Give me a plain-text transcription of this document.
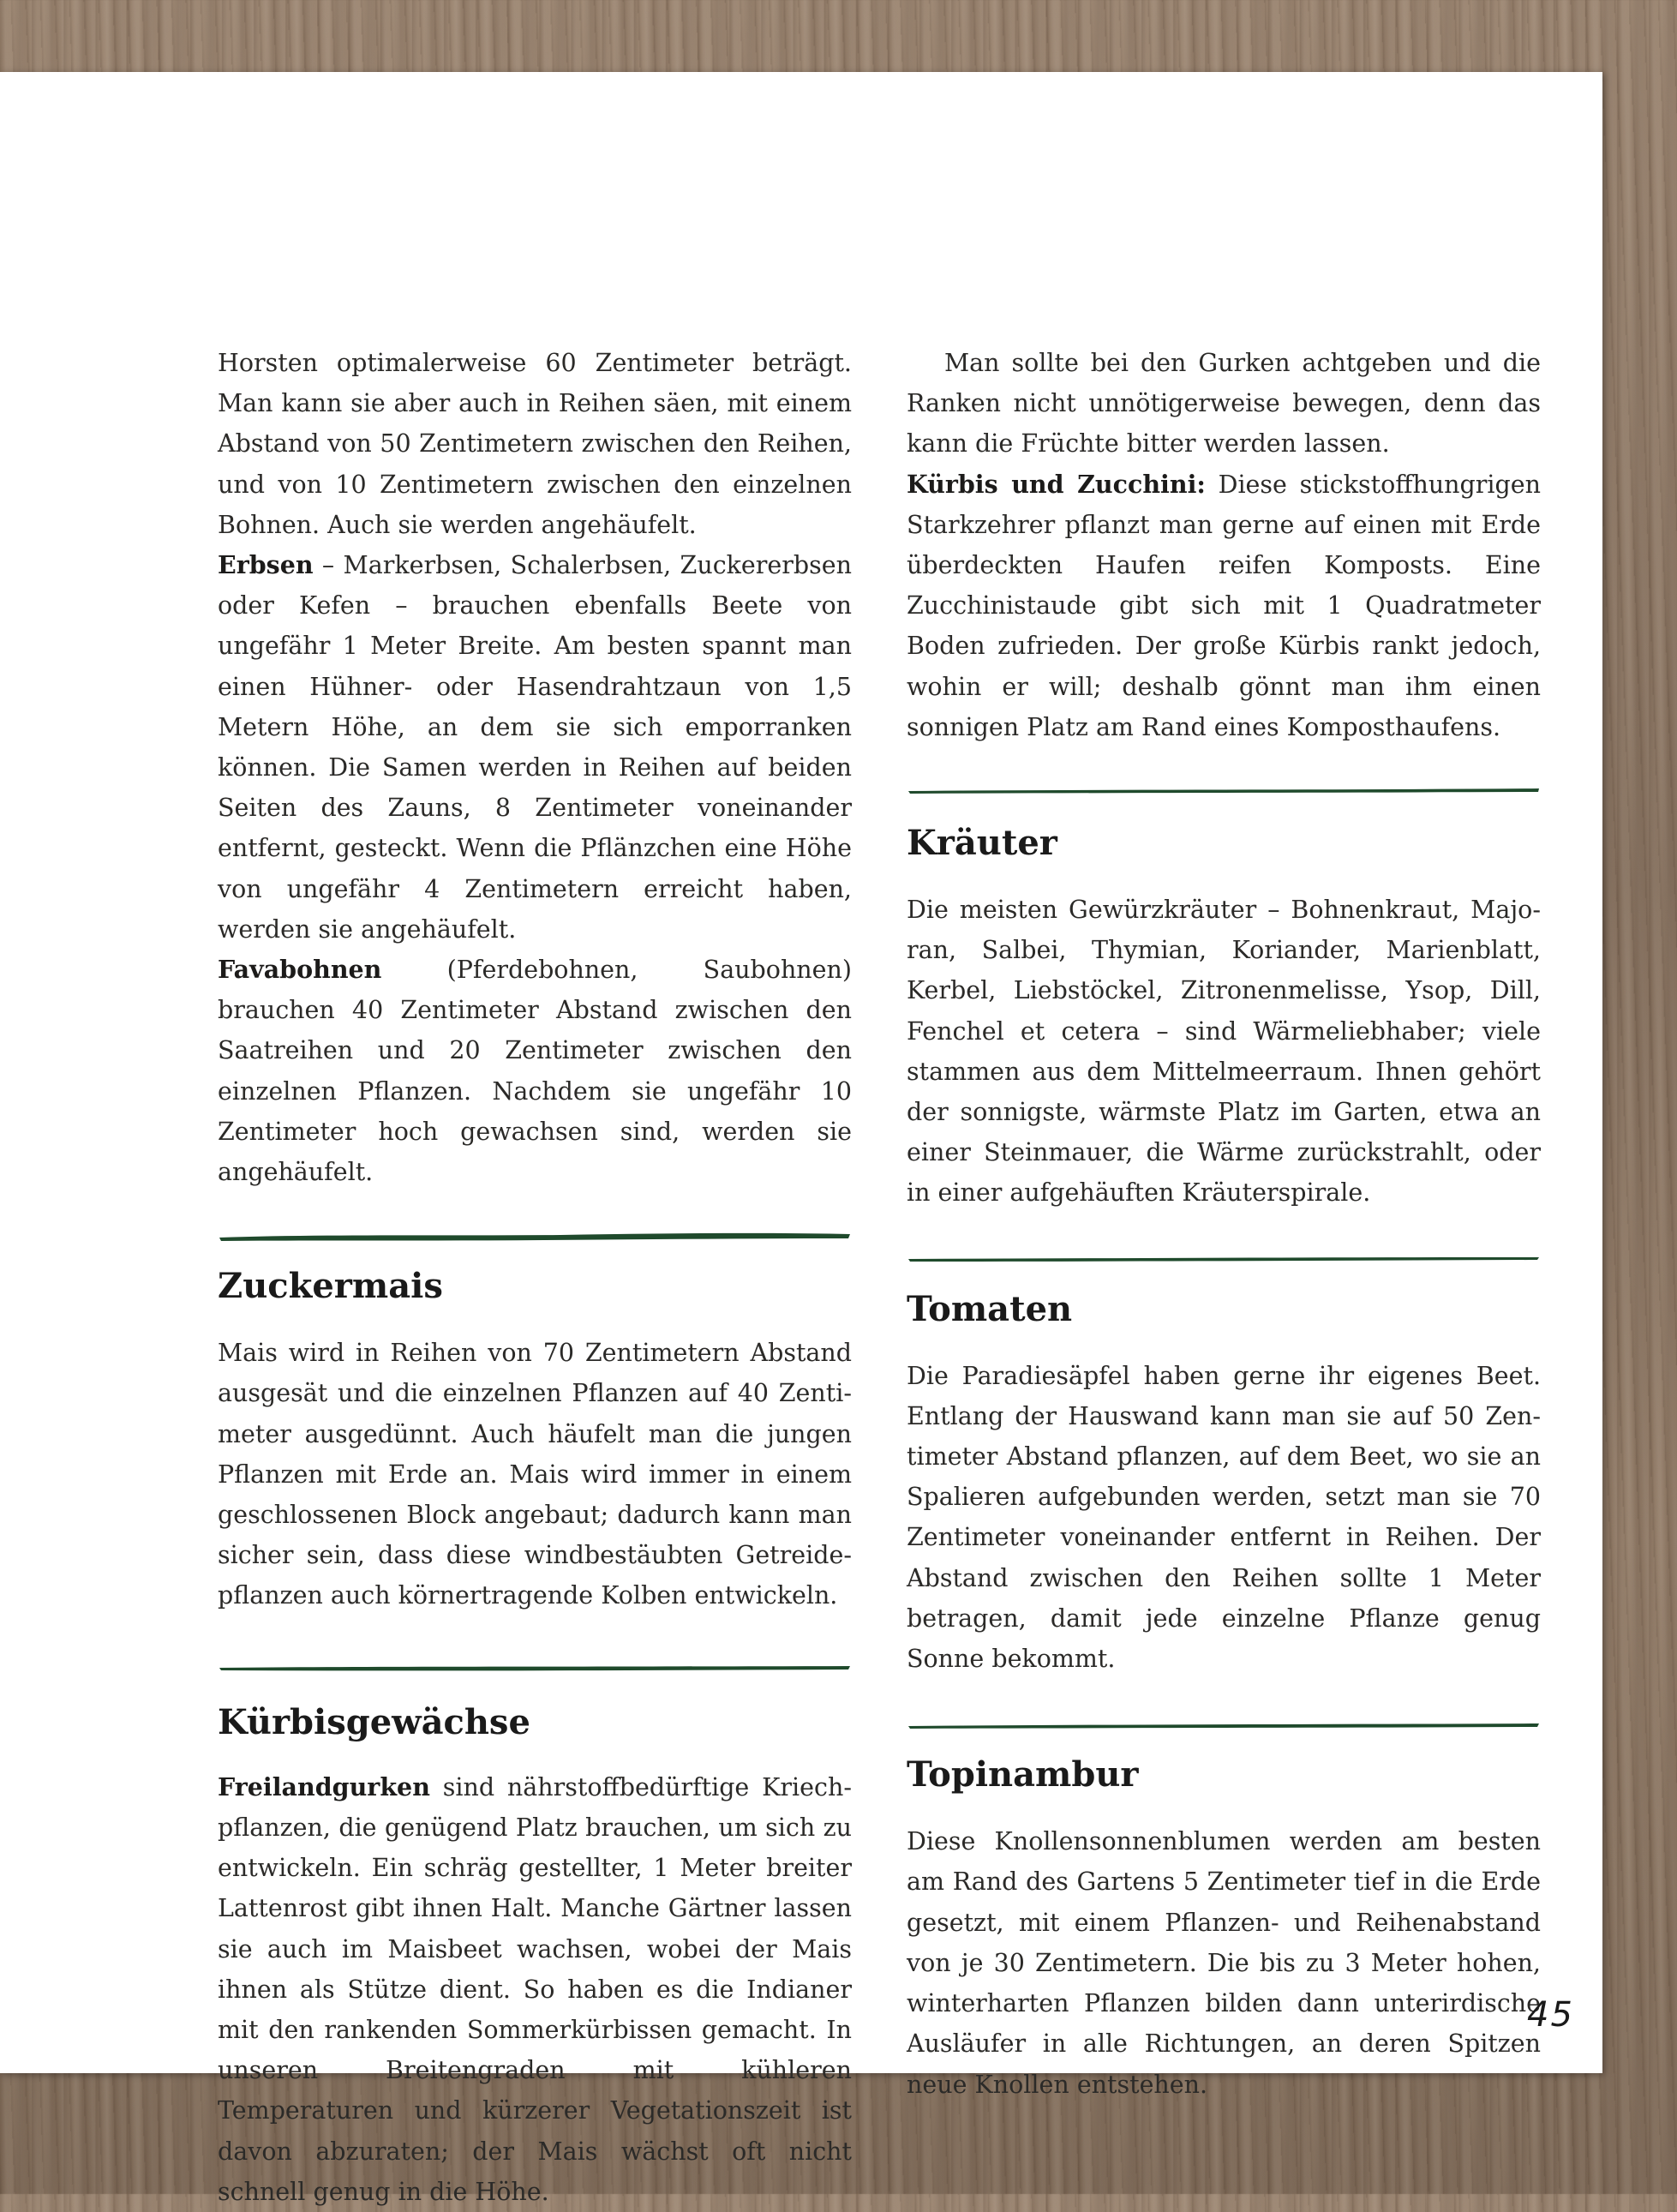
Horsten optimalerweise 60 Zentimeter beträgt. Man kann sie aber auch in Reihen säen, mit einem Abstand von 50 Zentimetern zwischen den Reihen, und von 10 Zentimetern zwischen den einzelnen Bohnen. Auch sie werden angehäufelt.

Erbsen – Markerbsen, Schalerbsen, Zuckererbsen oder Kefen – brauchen ebenfalls Beete von ungefähr 1 Meter Breite. Am besten spannt man einen Hühner- oder Hasendrahtzaun von 1,5 Metern Höhe, an dem sie sich emporranken können. Die Samen werden in Reihen auf beiden Seiten des Zauns, 8 Zentimeter voneinander entfernt, gesteckt. Wenn die Pflänzchen eine Höhe von ungefähr 4 Zentimetern erreicht haben, werden sie angehäufelt.

Favabohnen (Pferdebohnen, Saubohnen) brauchen 40 Zentimeter Abstand zwischen den Saatreihen und 20 Zentimeter zwischen den einzelnen Pflanzen. Nachdem sie ungefähr 10 Zentimeter hoch gewachsen sind, werden sie angehäufelt.

Zuckermais

Mais wird in Reihen von 70 Zentimetern Abstand ausgesät und die einzelnen Pflanzen auf 40 Zentimeter ausgedünnt. Auch häufelt man die jungen Pflanzen mit Erde an. Mais wird immer in einem geschlossenen Block angebaut; dadurch kann man sicher sein, dass diese windbestäubten Getreidepflanzen auch körnertragende Kolben entwickeln.

Kürbisgewächse

Freilandgurken sind nährstoffbedürftige Kriechpflanzen, die genügend Platz brauchen, um sich zu entwickeln. Ein schräg gestellter, 1 Meter breiter Lattenrost gibt ihnen Halt. Manche Gärtner lassen sie auch im Maisbeet wachsen, wobei der Mais ihnen als Stütze dient. So haben es die Indianer mit den rankenden Sommerkürbissen gemacht. In unseren Breitengraden mit kühleren Temperaturen und kürzerer Vegetationszeit ist davon abzuraten; der Mais wächst oft nicht schnell genug in die Höhe.

Man sollte bei den Gurken achtgeben und die Ranken nicht unnötigerweise bewegen, denn das kann die Früchte bitter werden lassen.

Kürbis und Zucchini: Diese stickstoffhungrigen Starkzehrer pflanzt man gerne auf einen mit Erde überdeckten Haufen reifen Komposts. Eine Zucchinistaude gibt sich mit 1 Quadratmeter Boden zufrieden. Der große Kürbis rankt jedoch, wohin er will; deshalb gönnt man ihm einen sonnigen Platz am Rand eines Komposthaufens.

Kräuter

Die meisten Gewürzkräuter – Bohnenkraut, Majoran, Salbei, Thymian, Koriander, Marienblatt, Kerbel, Liebstöckel, Zitronenmelisse, Ysop, Dill, Fenchel et cetera – sind Wärmeliebhaber; viele stammen aus dem Mittelmeerraum. Ihnen gehört der sonnigste, wärmste Platz im Garten, etwa an einer Steinmauer, die Wärme zurückstrahlt, oder in einer aufgehäuften Kräuterspirale.

Tomaten

Die Paradiesäpfel haben gerne ihr eigenes Beet. Entlang der Hauswand kann man sie auf 50 Zentimeter Abstand pflanzen, auf dem Beet, wo sie an Spalieren aufgebunden werden, setzt man sie 70 Zentimeter voneinander entfernt in Reihen. Der Abstand zwischen den Reihen sollte 1 Meter betragen, damit jede einzelne Pflanze genug Sonne bekommt.

Topinambur

Diese Knollensonnenblumen werden am besten am Rand des Gartens 5 Zentimeter tief in die Erde gesetzt, mit einem Pflanzen- und Reihenabstand von je 30 Zentimetern. Die bis zu 3 Meter hohen, winterharten Pflanzen bilden dann unterirdische Ausläufer in alle Richtungen, an deren Spitzen neue Knollen entstehen.

45
